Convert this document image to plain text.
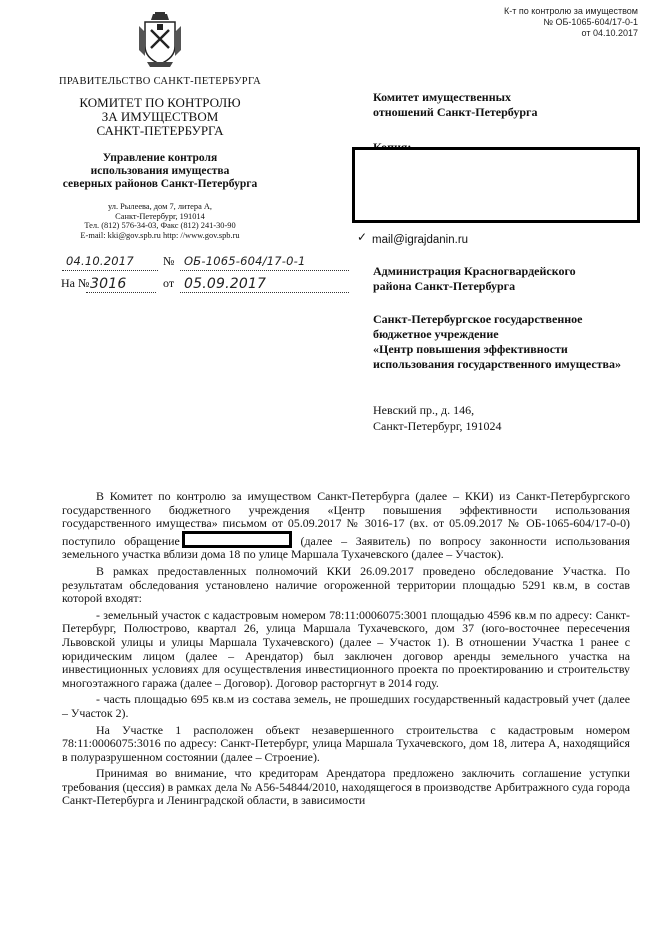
К-т по контролю за имуществом
№ ОБ-1065-604/17-0-1
от 04.10.2017
ПРАВИТЕЛЬСТВО САНКТ-ПЕТЕРБУРГА
КОМИТЕТ ПО КОНТРОЛЮ
ЗА ИМУЩЕСТВОМ
САНКТ-ПЕТЕРБУРГА
Управление контроля
использования имущества
северных районов Санкт-Петербурга
ул. Рылеева, дом 7, литера А,
Санкт-Петербург, 191014
Тел. (812) 576-34-03, Факс (812) 241-30-90
E-mail: kki@gov.spb.ru http: //www.gov.spb.ru
04.10.2017	№ ОБ-1065-604/17-0-1
На № 3016	от 05.09.2017
Комитет имущественных
отношений Санкт-Петербурга
✓ mail@igrajdanin.ru
Администрация Красногвардейского
района Санкт-Петербурга
Санкт-Петербургское государственное бюджетное учреждение
«Центр повышения эффективности использования государственного имущества»
Невский пр., д. 146,
Санкт-Петербург, 191024

В Комитет по контролю за имуществом Санкт-Петербурга (далее – ККИ) из Санкт-Петербургского государственного бюджетного учреждения «Центр повышения эффективности использования государственного имущества» письмом от 05.09.2017 № 3016-17 (вх. от 05.09.2017 № ОБ-1065-604/17-0-0) поступило обращение	(далее – Заявитель) по вопросу законности использования земельного участка вблизи дома 18 по улице Маршала Тухачевского (далее – Участок).

В рамках предоставленных полномочий ККИ 26.09.2017 проведено обследование Участка. По результатам обследования установлено наличие огороженной территории площадью 5291 кв.м, в состав которой входят:

- земельный участок с кадастровым номером 78:11:0006075:3001 площадью 4596 кв.м по адресу: Санкт-Петербург, Полюстрово, квартал 26, улица Маршала Тухачевского, дом 37 (юго-восточнее пересечения Львовской улицы и улицы Маршала Тухачевского) (далее – Участок 1). В отношении Участка 1 ранее с юридическим лицом (далее – Арендатор) был заключен договор аренды земельного участка на инвестиционных условиях для осуществления инвестиционного проекта по проектированию и строительству многоэтажного гаража (далее – Договор). Договор расторгнут в 2014 году.

- часть площадью 695 кв.м из состава земель, не прошедших государственный кадастровый учет (далее – Участок 2).

На Участке 1 расположен объект незавершенного строительства с кадастровым номером 78:11:0006075:3016 по адресу: Санкт-Петербург, улица Маршала Тухачевского, дом 18, литера А, находящийся в полуразрушенном состоянии (далее – Строение).

Принимая во внимание, что кредиторам Арендатора предложено заключить соглашение уступки требования (цессия) в рамках дела № А56-54844/2010, находящегося в производстве Арбитражного суда города Санкт-Петербурга и Ленинградской области, в зависимости
